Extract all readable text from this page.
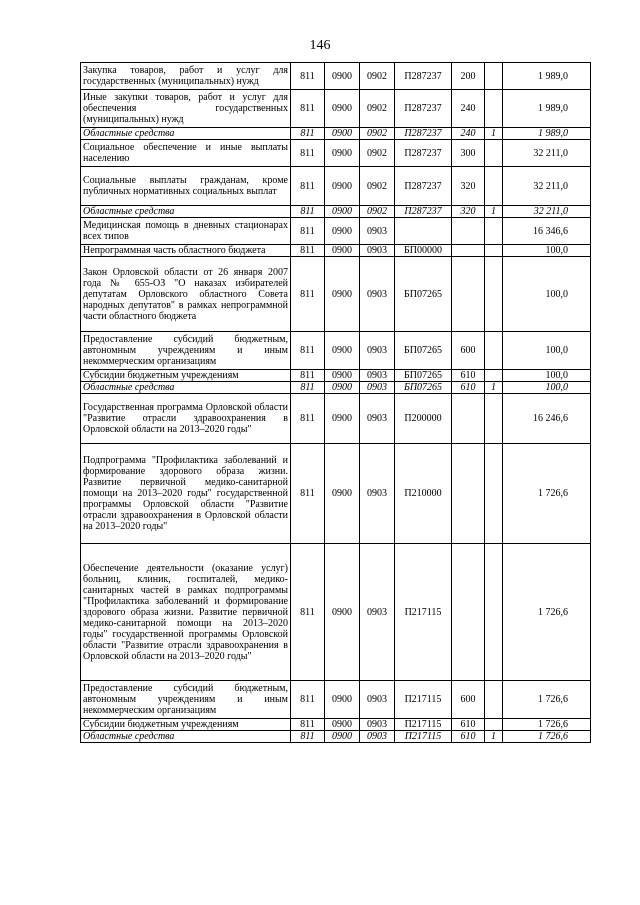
146
Закупка товаров, работ и услуг для государственных (муниципальных) нужд	811	0900	0902	П287237	200		1 989,0
Иные закупки товаров, работ и услуг для обеспечения государственных (муниципальных) нужд	811	0900	0902	П287237	240		1 989,0
Областные средства	811	0900	0902	П287237	240	1	1 989,0
Социальное обеспечение и иные выплаты населению	811	0900	0902	П287237	300		32 211,0
Социальные выплаты гражданам, кроме публичных нормативных социальных выплат	811	0900	0902	П287237	320		32 211,0
Областные средства	811	0900	0902	П287237	320	1	32 211,0
Медицинская помощь в дневных стационарах всех типов	811	0900	0903				16 346,6
Непрограммная часть областного бюджета	811	0900	0903	БП00000			100,0
Закон Орловской области от 26 января 2007 года № 655-ОЗ "О наказах избирателей депутатам Орловского областного Совета народных депутатов" в рамках непрограммной части областного бюджета	811	0900	0903	БП07265			100,0
Предоставление субсидий бюджетным, автономным учреждениям и иным некоммерческим организациям	811	0900	0903	БП07265	600		100,0
Субсидии бюджетным учреждениям	811	0900	0903	БП07265	610		100,0
Областные средства	811	0900	0903	БП07265	610	1	100,0
Государственная программа Орловской области "Развитие отрасли здравоохранения в Орловской области на 2013–2020 годы"	811	0900	0903	П200000			16 246,6
Подпрограмма "Профилактика заболеваний и формирование здорового образа жизни. Развитие первичной медико-санитарной помощи на 2013–2020 годы" государственной программы Орловской области "Развитие отрасли здравоохранения в Орловской области на 2013–2020 годы"	811	0900	0903	П210000			1 726,6
Обеспечение деятельности (оказание услуг) больниц, клиник, госпиталей, медико-санитарных частей в рамках подпрограммы "Профилактика заболеваний и формирование здорового образа жизни. Развитие первичной медико-санитарной помощи на 2013–2020 годы" государственной программы Орловской области "Развитие отрасли здравоохранения в Орловской области на 2013–2020 годы"	811	0900	0903	П217115			1 726,6
Предоставление субсидий бюджетным, автономным учреждениям и иным некоммерческим организациям	811	0900	0903	П217115	600		1 726,6
Субсидии бюджетным учреждениям	811	0900	0903	П217115	610		1 726,6
Областные средства	811	0900	0903	П217115	610	1	1 726,6
